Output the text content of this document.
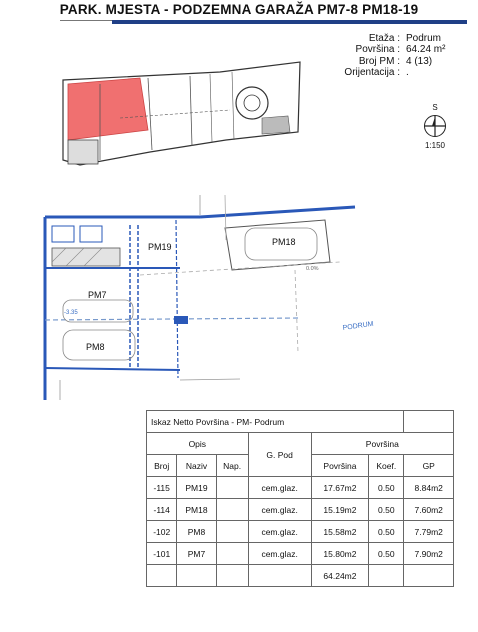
PARK. MJESTA - PODZEMNA GARAŽA PM7-8 PM18-19
Etaža : Podrum
Površina : 64.24 m²
Broj PM : 4 (13)
Orijentacija : .
S
1:150
PM19	PM18
PM7
PM8
PODRUM
-3.35
0.0%
Iskaz Netto Površina - PM- Podrum						
Opis			G. Pod	Površina		
Broj	Naziv	Nap.		Površina	Koef.	GP
-115	PM19		cem.glaz.	17.67m2	0.50	8.84m2
-114	PM18		cem.glaz.	15.19m2	0.50	7.60m2
-102	PM8		cem.glaz.	15.58m2	0.50	7.79m2
-101	PM7		cem.glaz.	15.80m2	0.50	7.90m2
				64.24m2		
